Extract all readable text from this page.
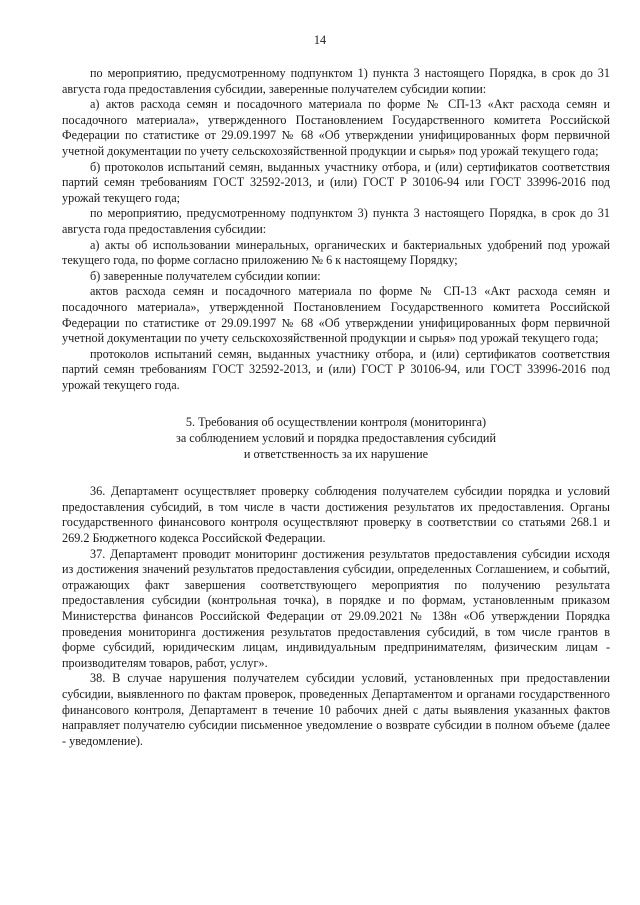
14

по мероприятию, предусмотренному подпунктом 1) пункта 3 настоящего Порядка, в срок до 31 августа года предоставления субсидии, заверенные получателем субсидии копии:

а) актов расхода семян и посадочного материала по форме № СП-13 «Акт расхода семян и посадочного материала», утвержденного Постановлением Государственного комитета Российской Федерации по статистике от 29.09.1997 № 68 «Об утверждении унифицированных форм первичной учетной документации по учету сельскохозяйственной продукции и сырья» под урожай текущего года;

б) протоколов испытаний семян, выданных участнику отбора, и (или) сертификатов соответствия партий семян требованиям ГОСТ 32592-2013, и (или) ГОСТ Р 30106-94 или ГОСТ 33996-2016 под урожай текущего года;

по мероприятию, предусмотренному подпунктом 3) пункта 3 настоящего Порядка, в срок до 31 августа года предоставления субсидии:

а) акты об использовании минеральных, органических и бактериальных удобрений под урожай текущего года, по форме согласно приложению № 6 к настоящему Порядку;

б) заверенные получателем субсидии копии:

актов расхода семян и посадочного материала по форме № СП-13 «Акт расхода семян и посадочного материала», утвержденной Постановлением Государственного комитета Российской Федерации по статистике от 29.09.1997 № 68 «Об утверждении унифицированных форм первичной учетной документации по учету сельскохозяйственной продукции и сырья» под урожай текущего года;

протоколов испытаний семян, выданных участнику отбора, и (или) сертификатов соответствия партий семян требованиям ГОСТ 32592-2013, и (или) ГОСТ Р 30106-94, или ГОСТ 33996-2016 под урожай текущего года.

5. Требования об осуществлении контроля (мониторинга)

за соблюдением условий и порядка предоставления субсидий

и ответственность за их нарушение

36. Департамент осуществляет проверку соблюдения получателем субсидии порядка и условий предоставления субсидий, в том числе в части достижения результатов их предоставления. Органы государственного финансового контроля осуществляют проверку в соответствии со статьями 268.1 и 269.2 Бюджетного кодекса Российской Федерации.

37. Департамент проводит мониторинг достижения результатов предоставления субсидии исходя из достижения значений результатов предоставления субсидии, определенных Соглашением, и событий, отражающих факт завершения соответствующего мероприятия по получению результата предоставления субсидии (контрольная точка), в порядке и по формам, установленным приказом Министерства финансов Российской Федерации от 29.09.2021 № 138н «Об утверждении Порядка проведения мониторинга достижения результатов предоставления субсидий, в том числе грантов в форме субсидий, юридическим лицам, индивидуальным предпринимателям, физическим лицам - производителям товаров, работ, услуг».

38. В случае нарушения получателем субсидии условий, установленных при предоставлении субсидии, выявленного по фактам проверок, проведенных Департаментом и органами государственного финансового контроля, Департамент в течение 10 рабочих дней с даты выявления указанных фактов направляет получателю субсидии письменное уведомление о возврате субсидии в полном объеме (далее - уведомление).
